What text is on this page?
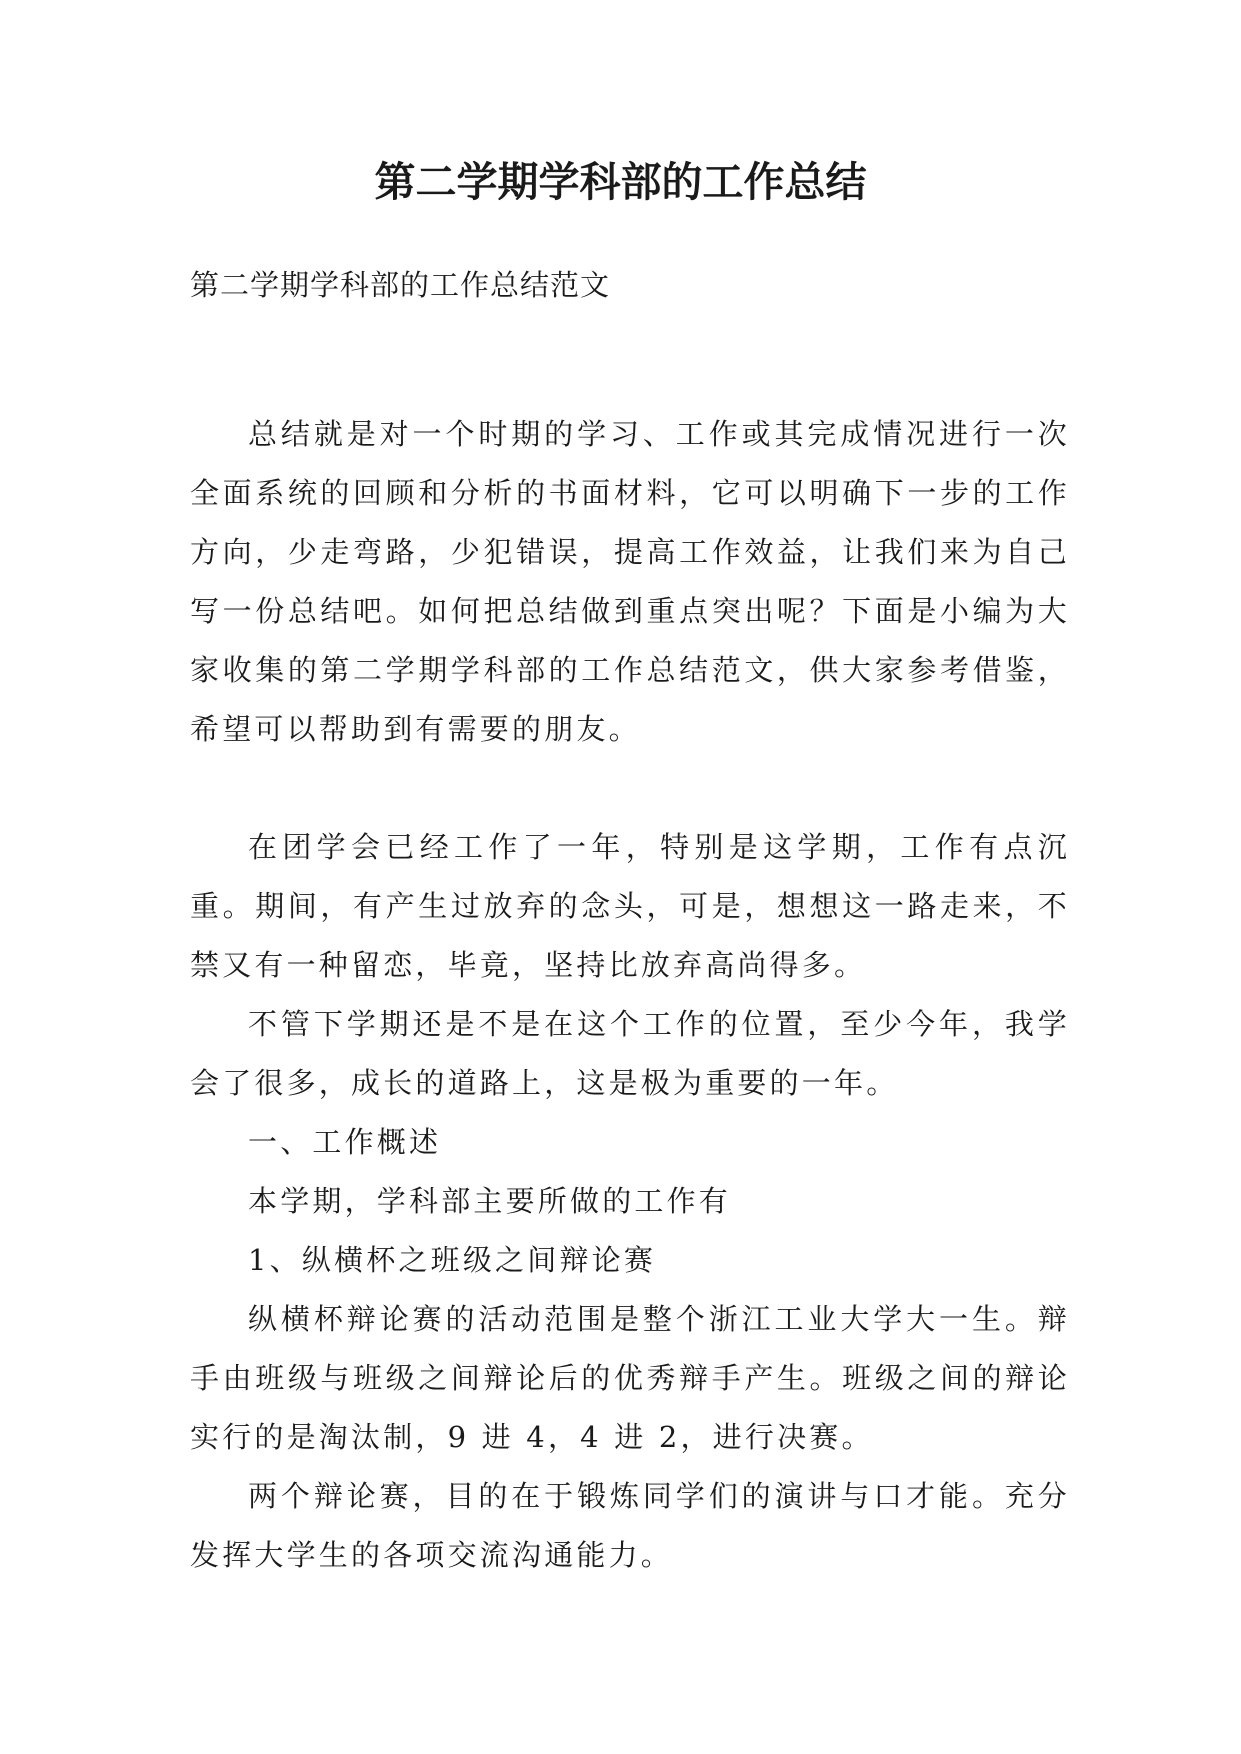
第二学期学科部的工作总结
第二学期学科部的工作总结范文

总结就是对一个时期的学习、工作或其完成情况进行一次全面系统的回顾和分析的书面材料，它可以明确下一步的工作方向，少走弯路，少犯错误，提高工作效益，让我们来为自己写一份总结吧。如何把总结做到重点突出呢？下面是小编为大家收集的第二学期学科部的工作总结范文，供大家参考借鉴，希望可以帮助到有需要的朋友。

在团学会已经工作了一年，特别是这学期，工作有点沉重。期间，有产生过放弃的念头，可是，想想这一路走来，不禁又有一种留恋，毕竟，坚持比放弃高尚得多。

不管下学期还是不是在这个工作的位置，至少今年，我学会了很多，成长的道路上，这是极为重要的一年。

一、工作概述

本学期，学科部主要所做的工作有

1、纵横杯之班级之间辩论赛

纵横杯辩论赛的活动范围是整个浙江工业大学大一生。辩手由班级与班级之间辩论后的优秀辩手产生。班级之间的辩论实行的是淘汰制，9 进 4，4 进 2，进行决赛。

两个辩论赛，目的在于锻炼同学们的演讲与口才能。充分发挥大学生的各项交流沟通能力。
